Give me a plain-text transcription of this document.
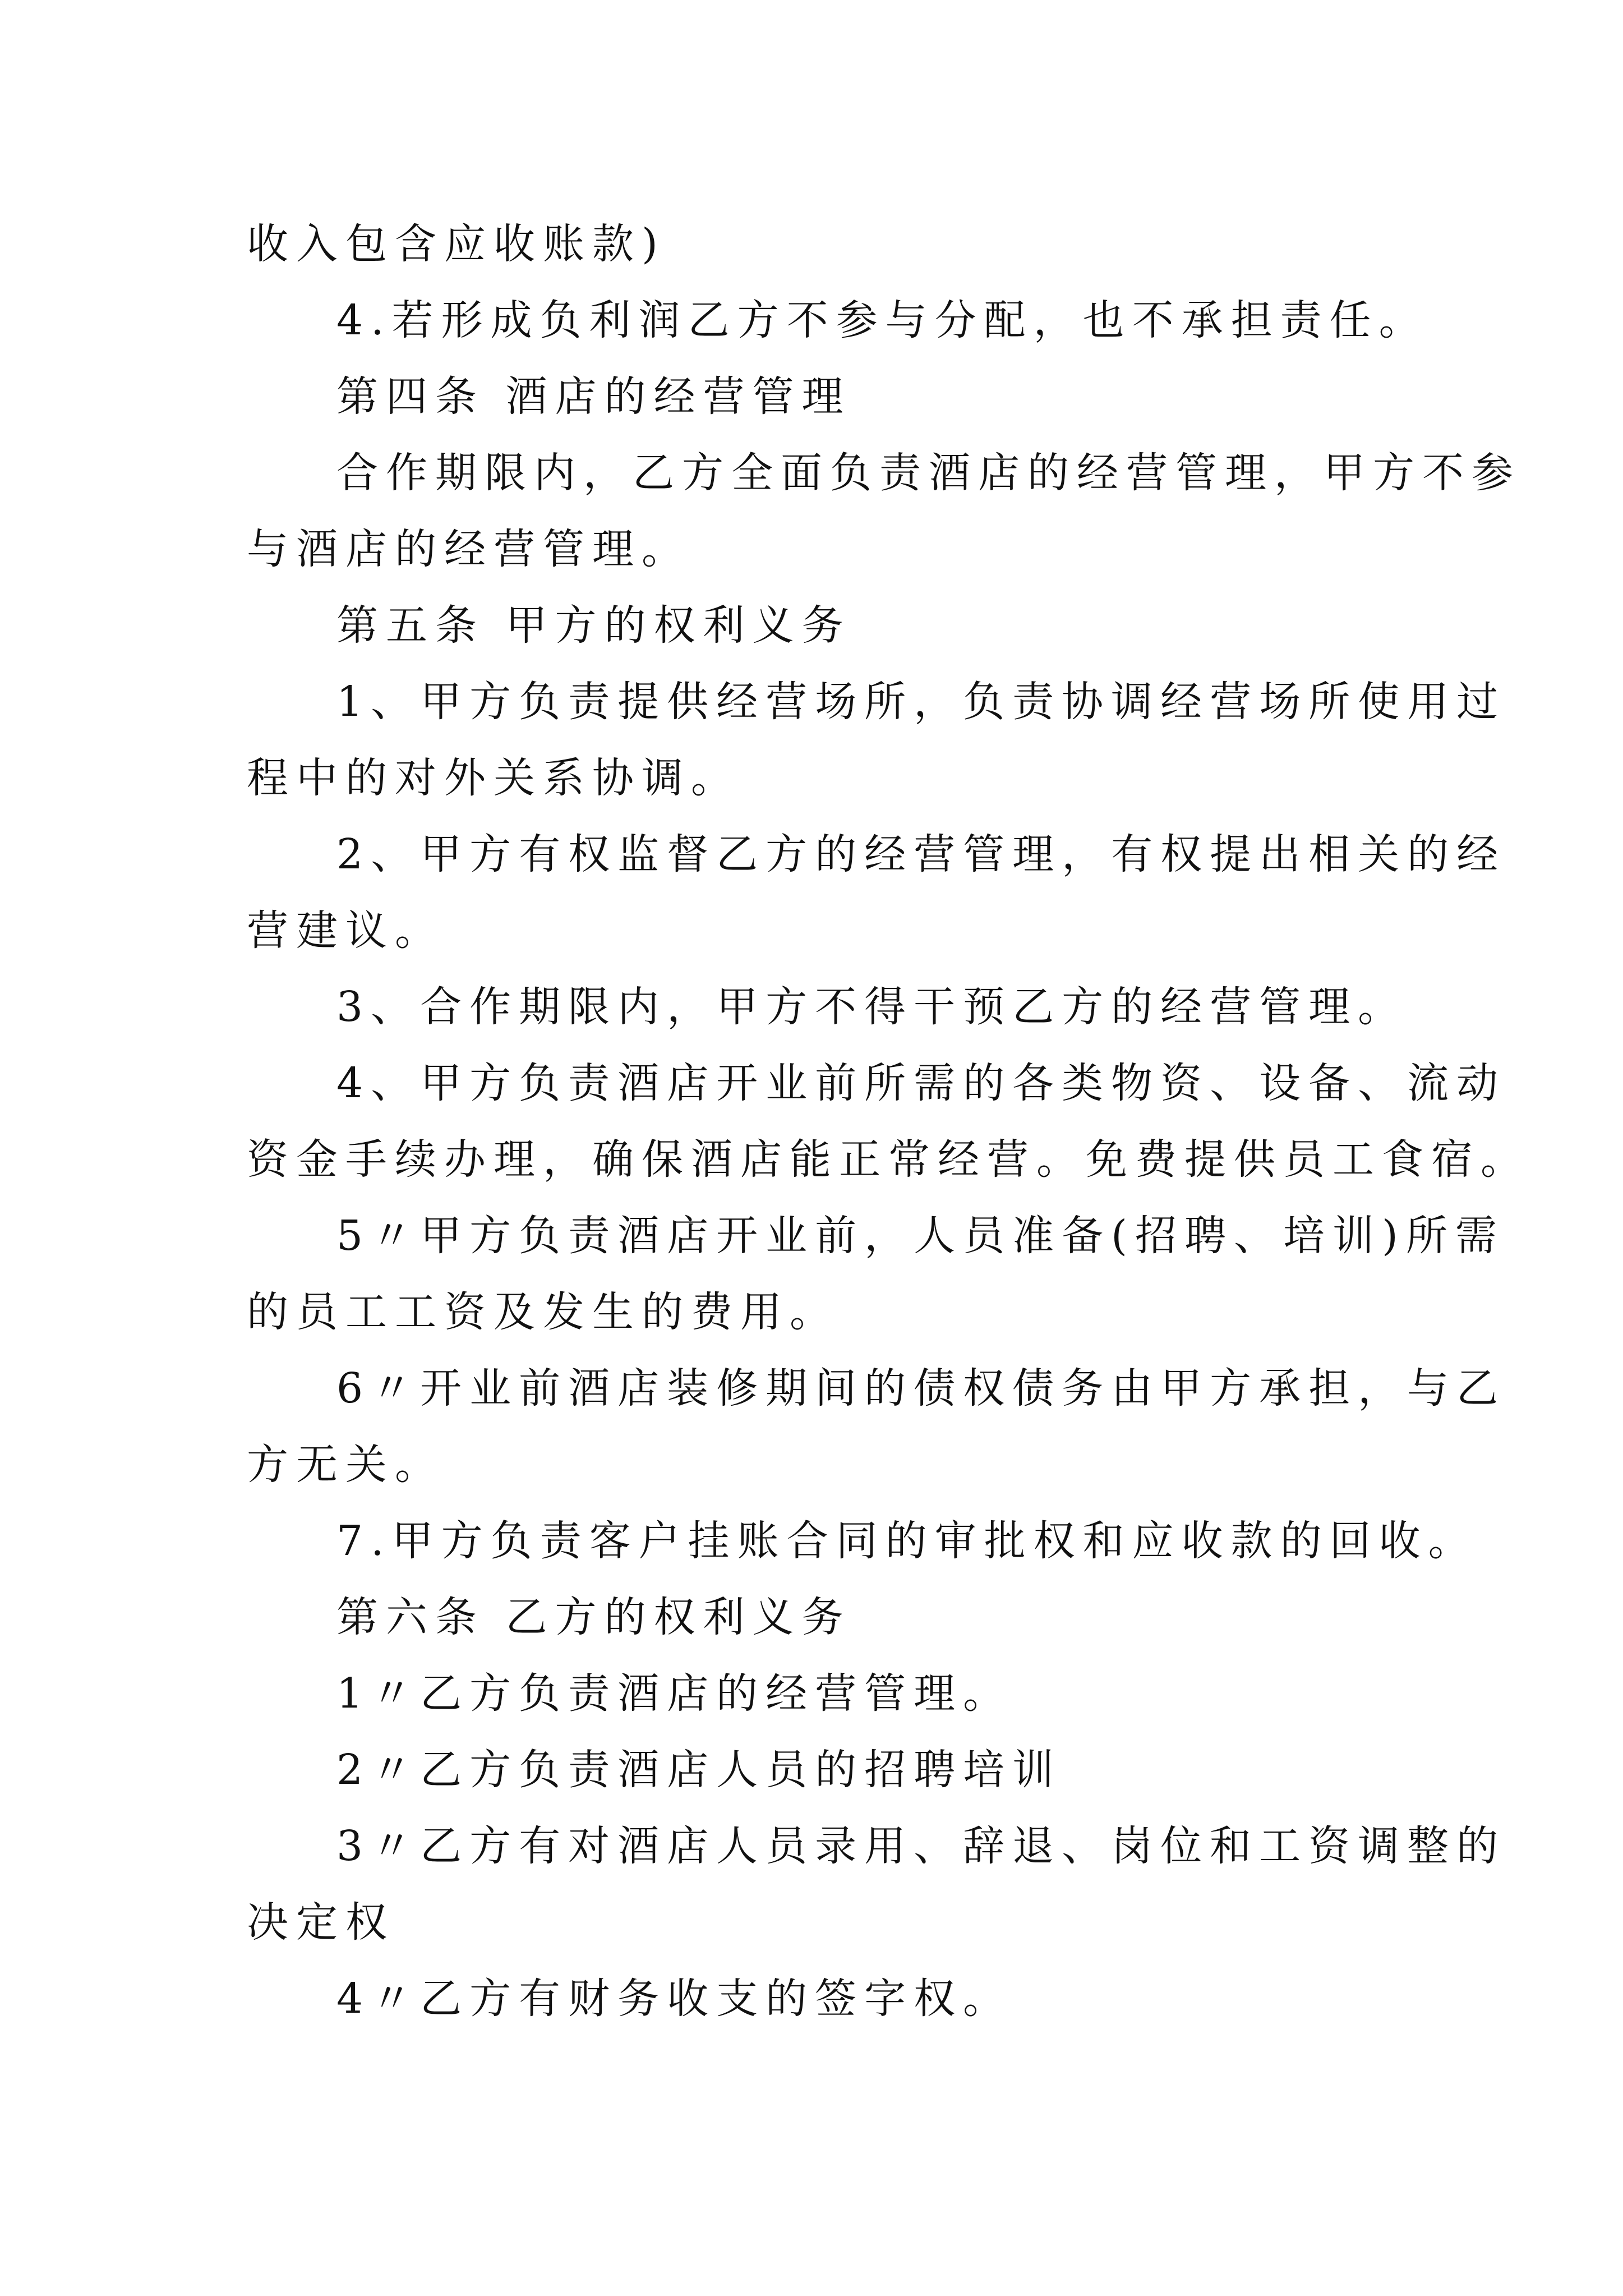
收入包含应收账款)
4.若形成负利润乙方不参与分配，也不承担责任。
第四条 酒店的经营管理
合作期限内，乙方全面负责酒店的经营管理，甲方不参
与酒店的经营管理。
第五条 甲方的权利义务
1、甲方负责提供经营场所，负责协调经营场所使用过
程中的对外关系协调。
2、甲方有权监督乙方的经营管理，有权提出相关的经
营建议。
3、合作期限内，甲方不得干预乙方的经营管理。
4、甲方负责酒店开业前所需的各类物资、设备、流动
资金手续办理，确保酒店能正常经营。免费提供员工食宿。
5〃甲方负责酒店开业前，人员准备(招聘、培训)所需
的员工工资及发生的费用。
6〃开业前酒店装修期间的债权债务由甲方承担，与乙
方无关。
7.甲方负责客户挂账合同的审批权和应收款的回收。
第六条 乙方的权利义务
1〃乙方负责酒店的经营管理。
2〃乙方负责酒店人员的招聘培训
3〃乙方有对酒店人员录用、辞退、岗位和工资调整的
决定权
4〃乙方有财务收支的签字权。
